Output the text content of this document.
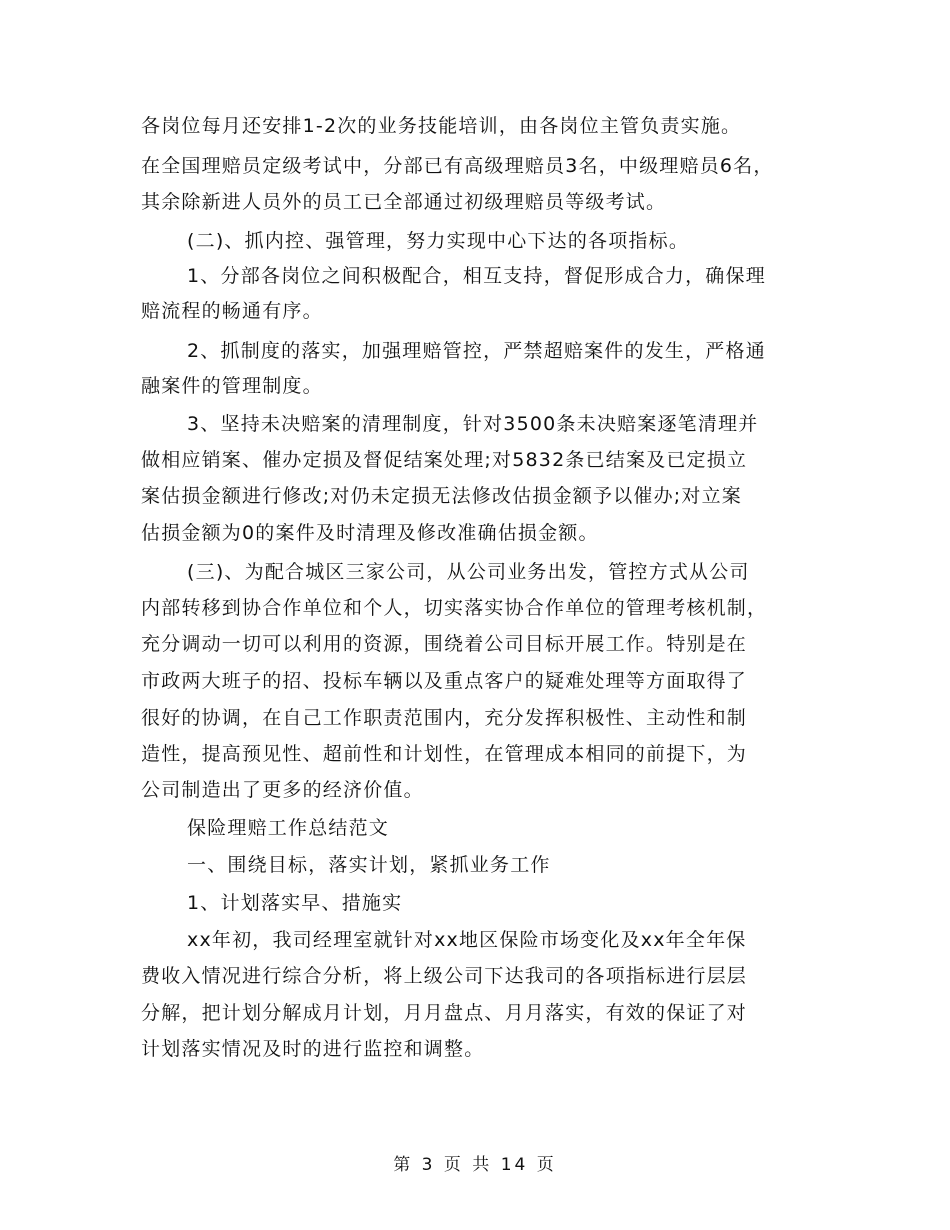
各岗位每月还安排1-2次的业务技能培训，由各岗位主管负责实施。
在全国理赔员定级考试中，分部已有高级理赔员3名，中级理赔员6名，
其余除新进人员外的员工已全部通过初级理赔员等级考试。
(二)、抓内控、强管理，努力实现中心下达的各项指标。
1、分部各岗位之间积极配合，相互支持，督促形成合力，确保理
赔流程的畅通有序。
2、抓制度的落实，加强理赔管控，严禁超赔案件的发生，严格通
融案件的管理制度。
3、坚持未决赔案的清理制度，针对3500条未决赔案逐笔清理并
做相应销案、催办定损及督促结案处理;对5832条已结案及已定损立
案估损金额进行修改;对仍未定损无法修改估损金额予以催办;对立案
估损金额为0的案件及时清理及修改准确估损金额。
(三)、为配合城区三家公司，从公司业务出发，管控方式从公司
内部转移到协合作单位和个人，切实落实协合作单位的管理考核机制，
充分调动一切可以利用的资源，围绕着公司目标开展工作。特别是在
市政两大班子的招、投标车辆以及重点客户的疑难处理等方面取得了
很好的协调，在自己工作职责范围内，充分发挥积极性、主动性和制
造性，提高预见性、超前性和计划性，在管理成本相同的前提下，为
公司制造出了更多的经济价值。
保险理赔工作总结范文
一、围绕目标，落实计划，紧抓业务工作
1、计划落实早、措施实
xx年初，我司经理室就针对xx地区保险市场变化及xx年全年保
费收入情况进行综合分析，将上级公司下达我司的各项指标进行层层
分解，把计划分解成月计划，月月盘点、月月落实，有效的保证了对
计划落实情况及时的进行监控和调整。
第 3 页 共 14 页
